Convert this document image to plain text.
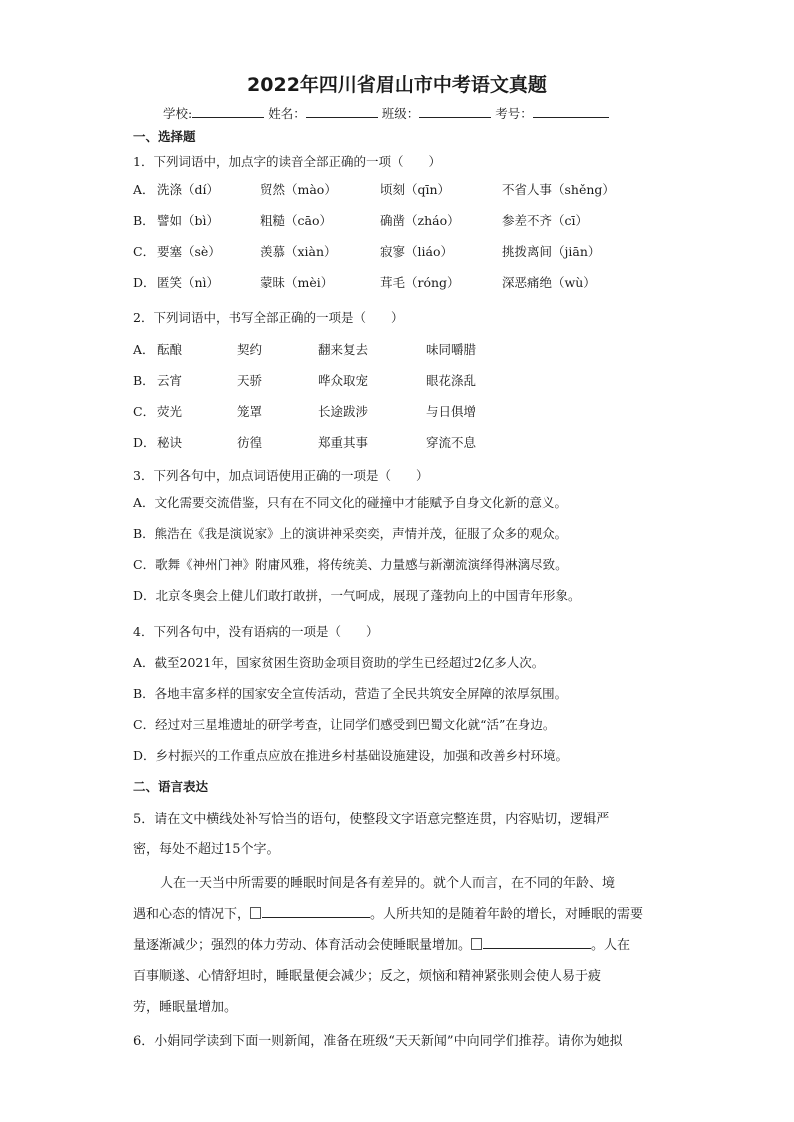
2022年四川省眉山市中考语文真题
学校:	姓名：	班级：	考号：
一、选择题
1．下列词语中，加点字的读音全部正确的一项（　　）
A． 洗涤（dí）	贸然（mào）	顷刻（qīn）	不省人事（shěng）
B． 譬如（bì）	粗糙（cāo）	确凿（zháo）	参差不齐（cī）
C． 要塞（sè）	羡慕（xiàn）	寂寥（liáo）	挑拨离间（jiān）
D． 匿笑（nì）	蒙昧（mèi）	茸毛（róng）	深恶痛绝（wù）
2．下列词语中，书写全部正确的一项是（　　）
A． 酝酿	契约	翻来复去	味同嚼腊
B． 云宵	天骄	哗众取宠	眼花涤乱
C． 荧光	笼罩	长途跋涉	与日俱增
D． 秘诀	彷徨	郑重其事	穿流不息
3．下列各句中，加点词语使用正确的一项是（　　）
A．文化需要交流借鉴，只有在不同文化的碰撞中才能赋予自身文化新的意义。
B．熊浩在《我是演说家》上的演讲神采奕奕，声情并茂，征服了众多的观众。
C．歌舞《神州门神》附庸风雅，将传统美、力量感与新潮流演绎得淋漓尽致。
D．北京冬奥会上健儿们敢打敢拼，一气呵成，展现了蓬勃向上的中国青年形象。
4．下列各句中，没有语病的一项是（　　）
A．截至2021年，国家贫困生资助金项目资助的学生已经超过2亿多人次。
B．各地丰富多样的国家安全宣传活动，营造了全民共筑安全屏障的浓厚氛围。
C．经过对三星堆遗址的研学考查，让同学们感受到巴蜀文化就“活”在身边。
D．乡村振兴的工作重点应放在推进乡村基础设施建设，加强和改善乡村环境。
二、语言表达
5．请在文中横线处补写恰当的语句，使整段文字语意完整连贯，内容贴切，逻辑严
密，每处不超过15个字。
人在一天当中所需要的睡眠时间是各有差异的。就个人而言，在不同的年龄、境
遇和心态的情况下，	。人所共知的是随着年龄的增长，对睡眠的需要
量逐渐减少；强烈的体力劳动、体育活动会使睡眠量增加。	。人在
百事顺遂、心情舒坦时，睡眠量便会减少；反之，烦恼和精神紧张则会使人易于疲
劳，睡眠量增加。
6．小娟同学读到下面一则新闻，准备在班级“天天新闻”中向同学们推荐。请你为她拟
